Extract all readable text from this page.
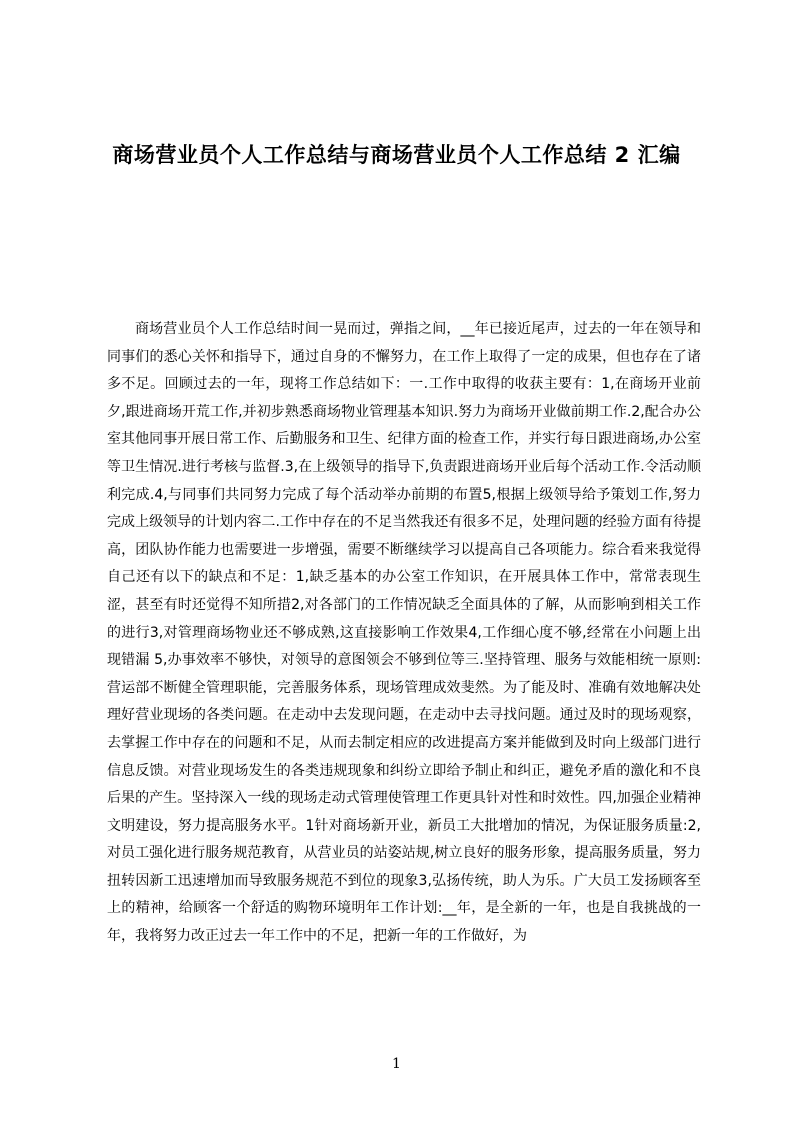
商场营业员个人工作总结与商场营业员个人工作总结 2 汇编

商场营业员个人工作总结时间一晃而过，弹指之间，__年已接近尾声，过去的一年在领导和同事们的悉心关怀和指导下，通过自身的不懈努力，在工作上取得了一定的成果，但也存在了诸多不足。回顾过去的一年，现将工作总结如下：一.工作中取得的收获主要有：1,在商场开业前夕,跟进商场开荒工作,并初步熟悉商场物业管理基本知识.努力为商场开业做前期工作.2,配合办公室其他同事开展日常工作、后勤服务和卫生、纪律方面的检查工作，并实行每日跟进商场,办公室等卫生情况.进行考核与监督.3,在上级领导的指导下,负责跟进商场开业后每个活动工作.令活动顺利完成.4,与同事们共同努力完成了每个活动举办前期的布置5,根据上级领导给予策划工作,努力完成上级领导的计划内容二.工作中存在的不足当然我还有很多不足，处理问题的经验方面有待提高，团队协作能力也需要进一步增强，需要不断继续学习以提高自己各项能力。综合看来我觉得自己还有以下的缺点和不足：1,缺乏基本的办公室工作知识，在开展具体工作中，常常表现生涩，甚至有时还觉得不知所措2,对各部门的工作情况缺乏全面具体的了解，从而影响到相关工作的进行3,对管理商场物业还不够成熟,这直接影响工作效果4,工作细心度不够,经常在小问题上出现错漏 5,办事效率不够快，对领导的意图领会不够到位等三.坚持管理、服务与效能相统一原则:营运部不断健全管理职能，完善服务体系，现场管理成效斐然。为了能及时、准确有效地解决处理好营业现场的各类问题。在走动中去发现问题，在走动中去寻找问题。通过及时的现场观察，去掌握工作中存在的问题和不足，从而去制定相应的改进提高方案并能做到及时向上级部门进行信息反馈。对营业现场发生的各类违规现象和纠纷立即给予制止和纠正，避免矛盾的激化和不良后果的产生。坚持深入一线的现场走动式管理使管理工作更具针对性和时效性。四,加强企业精神文明建设，努力提高服务水平。1针对商场新开业，新员工大批增加的情况，为保证服务质量:2,对员工强化进行服务规范教育，从营业员的站姿站规,树立良好的服务形象，提高服务质量，努力扭转因新工迅速增加而导致服务规范不到位的现象3,弘扬传统，助人为乐。广大员工发扬顾客至上的精神，给顾客一个舒适的购物环境明年工作计划:__年，是全新的一年，也是自我挑战的一年，我将努力改正过去一年工作中的不足，把新一年的工作做好，为

1
